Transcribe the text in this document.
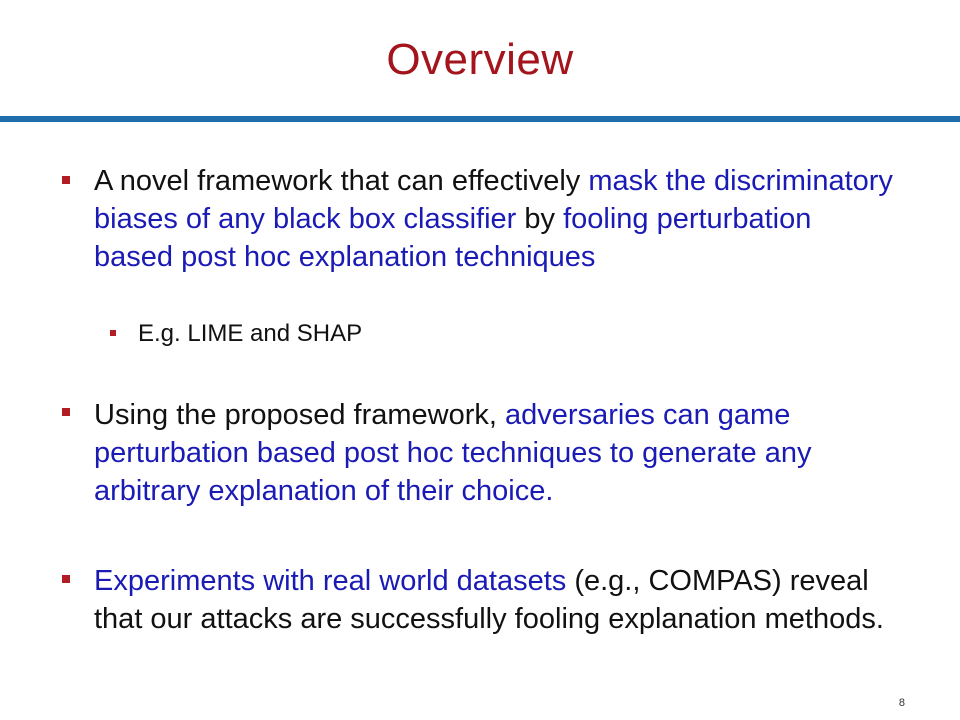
Overview
A novel framework that can effectively mask the discriminatory biases of any black box classifier by fooling perturbation based post hoc explanation techniques
E.g. LIME and SHAP
Using the proposed framework, adversaries can game perturbation based post hoc techniques to generate any arbitrary explanation of their choice.
Experiments with real world datasets (e.g., COMPAS) reveal that our attacks are successfully fooling explanation methods.
8
